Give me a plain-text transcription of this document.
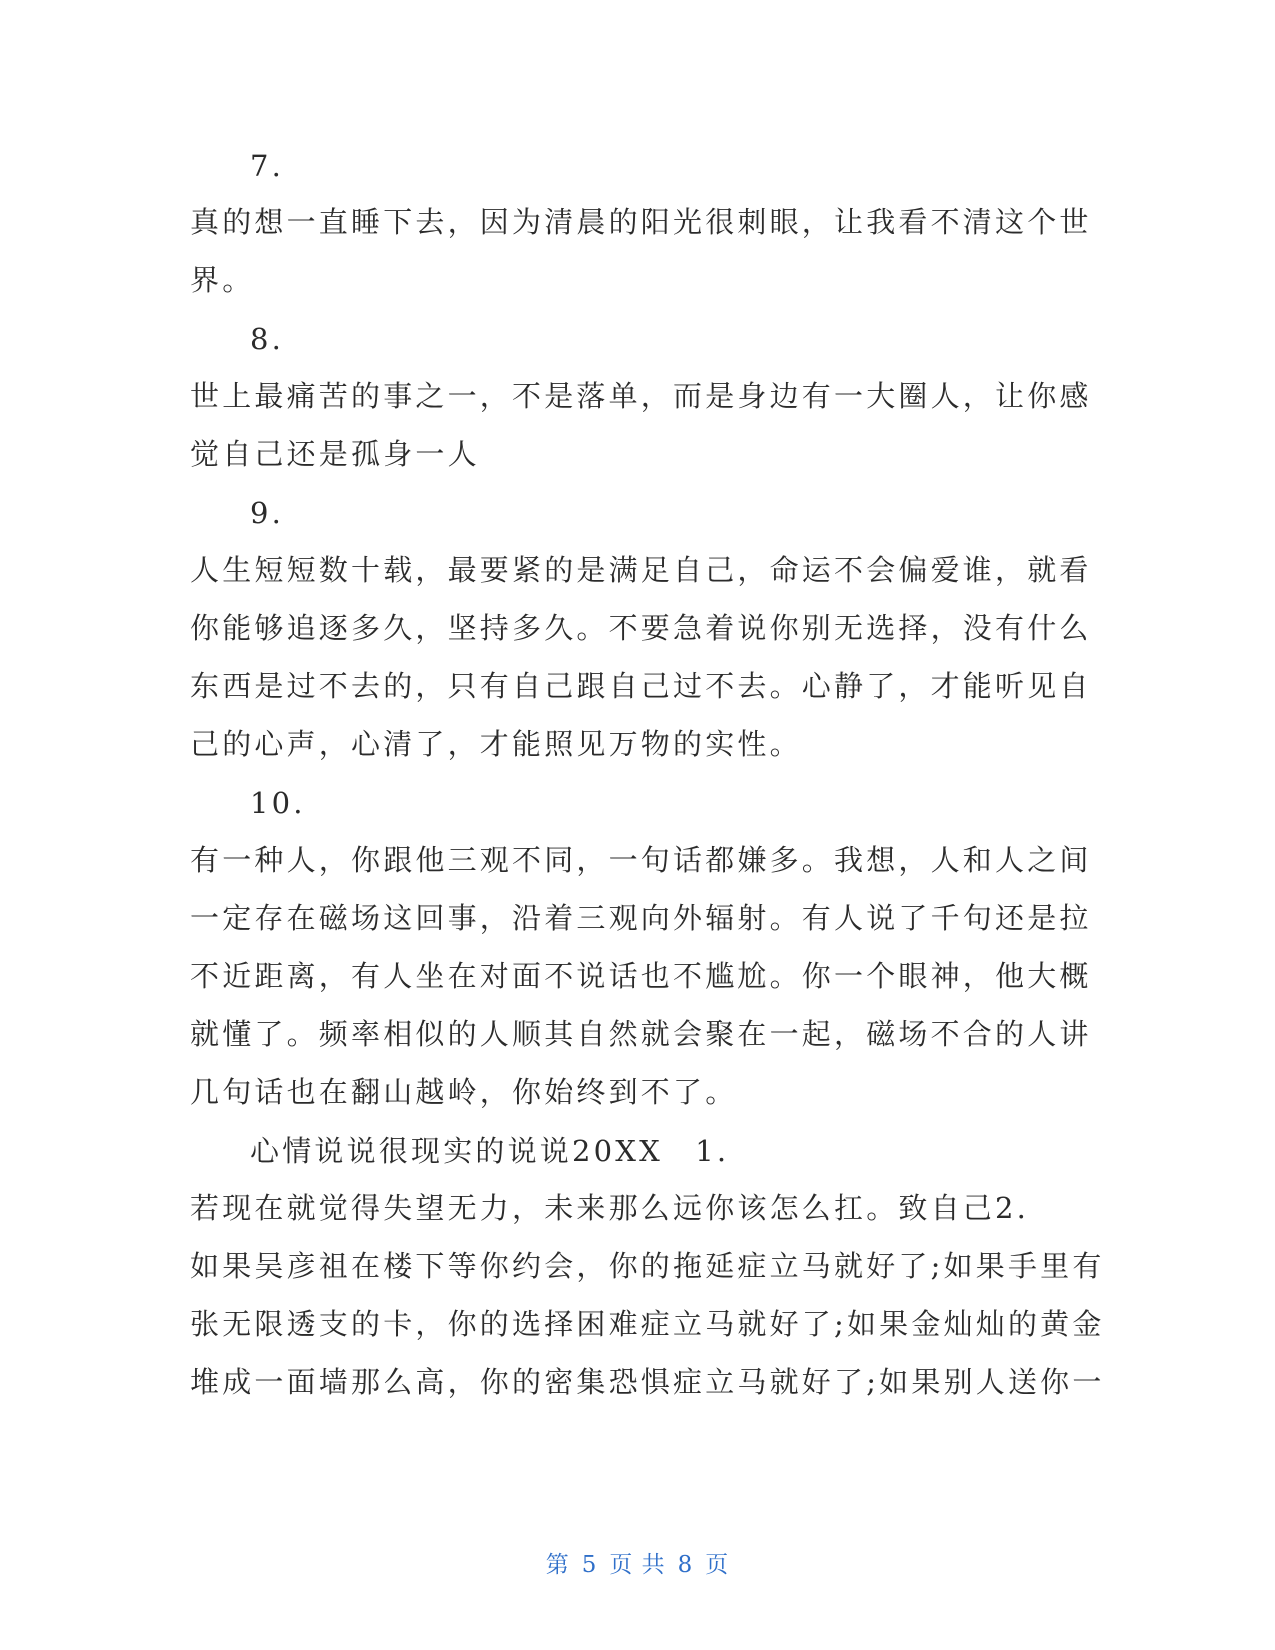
7.
真的想一直睡下去，因为清晨的阳光很刺眼，让我看不清这个世
界。
8.
世上最痛苦的事之一，不是落单，而是身边有一大圈人，让你感
觉自己还是孤身一人
9.
人生短短数十载，最要紧的是满足自己，命运不会偏爱谁，就看
你能够追逐多久，坚持多久。不要急着说你别无选择，没有什么
东西是过不去的，只有自己跟自己过不去。心静了，才能听见自
己的心声，心清了，才能照见万物的实性。
10.
有一种人，你跟他三观不同，一句话都嫌多。我想，人和人之间
一定存在磁场这回事，沿着三观向外辐射。有人说了千句还是拉
不近距离，有人坐在对面不说话也不尴尬。你一个眼神，他大概
就懂了。频率相似的人顺其自然就会聚在一起，磁场不合的人讲
几句话也在翻山越岭，你始终到不了。
心情说说很现实的说说20XX　1.
若现在就觉得失望无力，未来那么远你该怎么扛。致自己2.
如果吴彦祖在楼下等你约会，你的拖延症立马就好了;如果手里有
张无限透支的卡，你的选择困难症立马就好了;如果金灿灿的黄金
堆成一面墙那么高，你的密集恐惧症立马就好了;如果别人送你一
第 5 页 共 8 页
